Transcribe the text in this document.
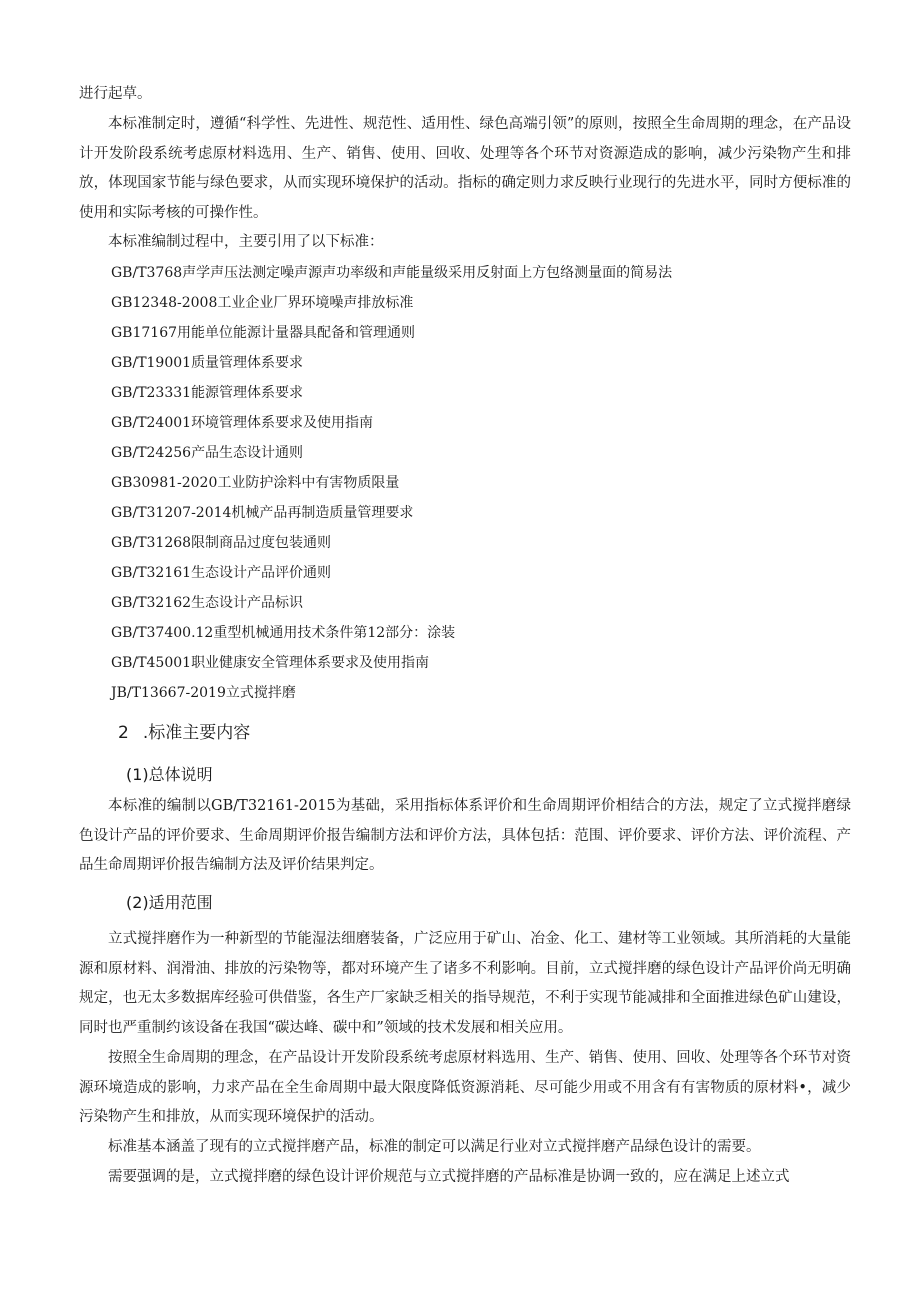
进行起草。

本标准制定时，遵循“科学性、先进性、规范性、适用性、绿色高端引领”的原则，按照全生命周期的理念，在产品设计开发阶段系统考虑原材料选用、生产、销售、使用、回收、处理等各个环节对资源造成的影响，减少污染物产生和排放，体现国家节能与绿色要求，从而实现环境保护的活动。指标的确定则力求反映行业现行的先进水平，同时方便标准的使用和实际考核的可操作性。

本标准编制过程中，主要引用了以下标准：

GB/T3768声学声压法测定噪声源声功率级和声能量级采用反射面上方包络测量面的简易法
GB12348-2008工业企业厂界环境噪声排放标准
GB17167用能单位能源计量器具配备和管理通则
GB/T19001质量管理体系要求
GB/T23331能源管理体系要求
GB/T24001环境管理体系要求及使用指南
GB/T24256产品生态设计通则
GB30981-2020工业防护涂料中有害物质限量
GB/T31207-2014机械产品再制造质量管理要求
GB/T31268限制商品过度包装通则
GB/T32161生态设计产品评价通则
GB/T32162生态设计产品标识
GB/T37400.12重型机械通用技术条件第12部分：涂装
GB/T45001职业健康安全管理体系要求及使用指南
JB/T13667-2019立式搅拌磨
2 .标准主要内容
(1)总体说明

本标准的编制以GB/T32161-2015为基础，采用指标体系评价和生命周期评价相结合的方法，规定了立式搅拌磨绿色设计产品的评价要求、生命周期评价报告编制方法和评价方法，具体包括：范围、评价要求、评价方法、评价流程、产品生命周期评价报告编制方法及评价结果判定。

(2)适用范围

立式搅拌磨作为一种新型的节能湿法细磨装备，广泛应用于矿山、冶金、化工、建材等工业领域。其所消耗的大量能源和原材料、润滑油、排放的污染物等，都对环境产生了诸多不利影响。目前，立式搅拌磨的绿色设计产品评价尚无明确规定，也无太多数据库经验可供借鉴，各生产厂家缺乏相关的指导规范，不利于实现节能减排和全面推进绿色矿山建设，同时也严重制约该设备在我国“碳达峰、碳中和”领域的技术发展和相关应用。

按照全生命周期的理念，在产品设计开发阶段系统考虑原材料选用、生产、销售、使用、回收、处理等各个环节对资源环境造成的影响，力求产品在全生命周期中最大限度降低资源消耗、尽可能少用或不用含有有害物质的原材料•，减少污染物产生和排放，从而实现环境保护的活动。

标准基本涵盖了现有的立式搅拌磨产品，标准的制定可以满足行业对立式搅拌磨产品绿色设计的需要。

需要强调的是，立式搅拌磨的绿色设计评价规范与立式搅拌磨的产品标准是协调一致的，应在满足上述立式
